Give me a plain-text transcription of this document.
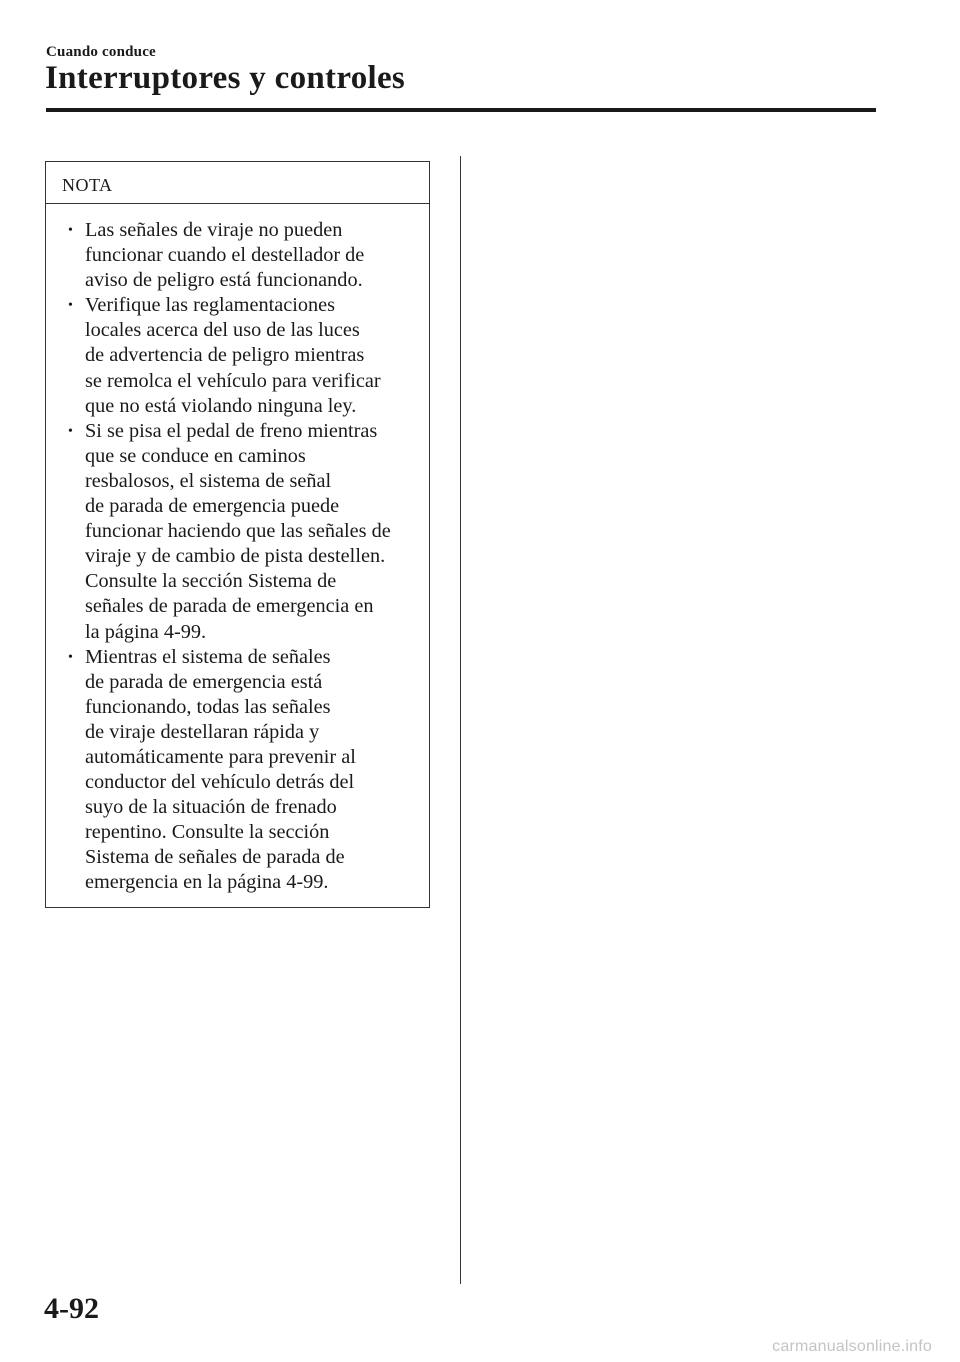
Cuando conduce
Interruptores y controles
NOTA
• Las señales de viraje no pueden
funcionar cuando el destellador de
aviso de peligro está funcionando.
• Verifique las reglamentaciones
locales acerca del uso de las luces
de advertencia de peligro mientras
se remolca el vehículo para verificar
que no está violando ninguna ley.
• Si se pisa el pedal de freno mientras
que se conduce en caminos
resbalosos, el sistema de señal
de parada de emergencia puede
funcionar haciendo que las señales de
viraje y de cambio de pista destellen.
Consulte la sección Sistema de
señales de parada de emergencia en
la página 4-99.
• Mientras el sistema de señales
de parada de emergencia está
funcionando, todas las señales
de viraje destellaran rápida y
automáticamente para prevenir al
conductor del vehículo detrás del
suyo de la situación de frenado
repentino. Consulte la sección
Sistema de señales de parada de
emergencia en la página 4-99.
4-92
carmanualsonline.info
